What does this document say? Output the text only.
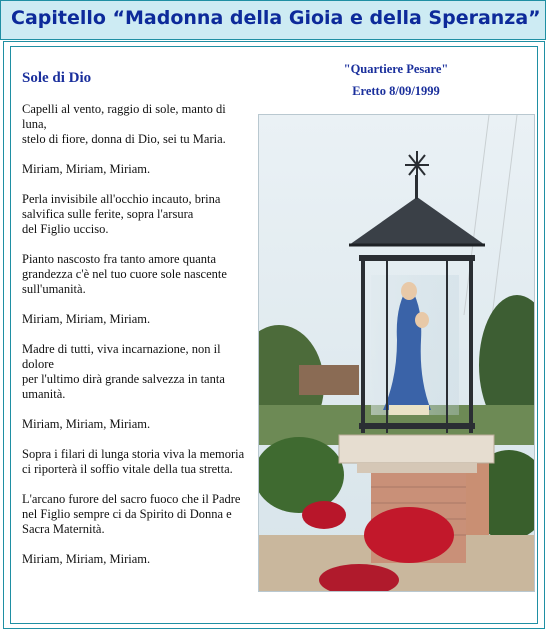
Capitello “Madonna della Gioia e della Speranza”
Sole di Dio
Capelli al vento, raggio di sole, manto di
luna,
stelo di fiore, donna di Dio, sei tu Maria.
Miriam, Miriam, Miriam.
Perla invisibile all'occhio incauto, brina
salvifica sulle ferite, sopra l'arsura
del Figlio ucciso.
Pianto nascosto fra tanto amore quanta
grandezza c'è nel tuo cuore sole nascente
sull'umanità.
Miriam, Miriam, Miriam.
Madre di tutti, viva incarnazione, non il
dolore
per l'ultimo dirà grande salvezza in tanta
umanità.
Miriam, Miriam, Miriam.
Sopra i filari di lunga storia viva la memoria
ci riporterà il soffio vitale della tua stretta.
L'arcano furore del sacro fuoco che il Padre
nel Figlio sempre ci da Spirito di Donna e
Sacra Maternità.
Miriam, Miriam, Miriam.
"Quartiere Pesare"
Eretto 8/09/1999
